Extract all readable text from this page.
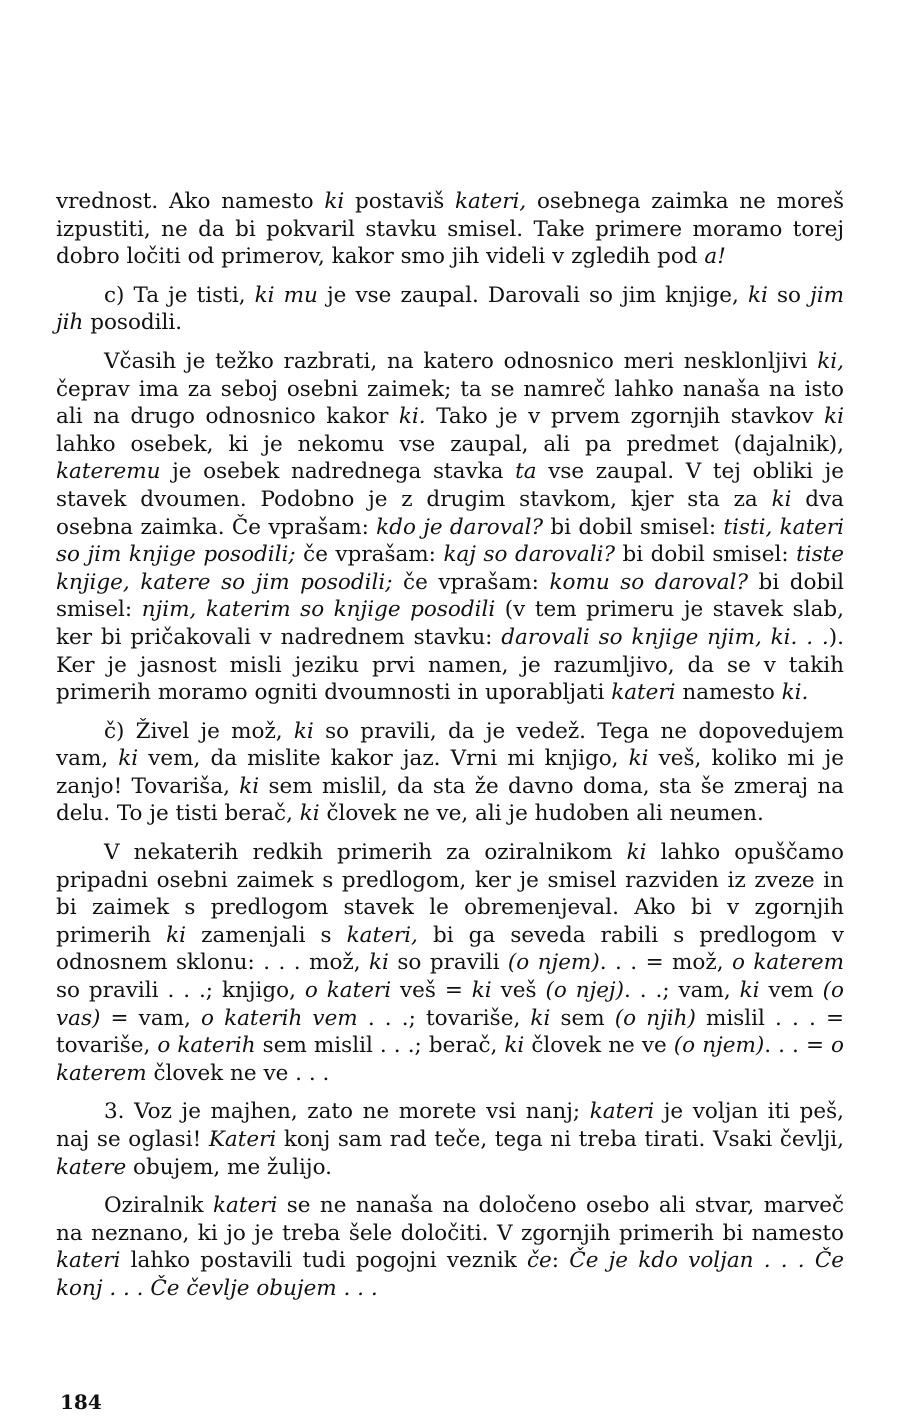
vrednost. Ako namesto ki postaviš kateri, osebnega zaimka ne moreš izpustiti, ne da bi pokvaril stavku smisel. Take primere moramo torej dobro ločiti od primerov, kakor smo jih videli v zgledih pod a!

c) Ta je tisti, ki mu je vse zaupal. Darovali so jim knjige, ki so jim jih posodili.

Včasih je težko razbrati, na katero odnosnico meri nesklonljivi ki, čeprav ima za seboj osebni zaimek; ta se namreč lahko nanaša na isto ali na drugo odnosnico kakor ki. Tako je v prvem zgornjih stavkov ki lahko osebek, ki je nekomu vse zaupal, ali pa predmet (dajalnik), kateremu je osebek nadrednega stavka ta vse zaupal. V tej obliki je stavek dvoumen. Podobno je z drugim stavkom, kjer sta za ki dva osebna zaimka. Če vprašam: kdo je daroval? bi dobil smisel: tisti, kateri so jim knjige posodili; če vprašam: kaj so darovali? bi dobil smisel: tiste knjige, katere so jim posodili; če vprašam: komu so daroval? bi dobil smisel: njim, katerim so knjige posodili (v tem primeru je stavek slab, ker bi pričakovali v nadrednem stavku: darovali so knjige njim, ki. . .). Ker je jasnost misli jeziku prvi namen, je razumljivo, da se v takih primerih moramo ogniti dvoumnosti in uporabljati kateri namesto ki.

č) Živel je mož, ki so pravili, da je vedež. Tega ne dopovedujem vam, ki vem, da mislite kakor jaz. Vrni mi knjigo, ki veš, koliko mi je zanjo! Tovariša, ki sem mislil, da sta že davno doma, sta še zmeraj na delu. To je tisti berač, ki človek ne ve, ali je hudoben ali neumen.

V nekaterih redkih primerih za oziralnikom ki lahko opuščamo pripadni osebni zaimek s predlogom, ker je smisel razviden iz zveze in bi zaimek s predlogom stavek le obremenjeval. Ako bi v zgornjih primerih ki zamenjali s kateri, bi ga seveda rabili s predlogom v odnosnem sklonu: . . . mož, ki so pravili (o njem). . . = mož, o katerem so pravili . . .; knjigo, o kateri veš = ki veš (o njej). . .; vam, ki vem (o vas) = vam, o katerih vem . . .; tovariše, ki sem (o njih) mislil . . . = tovariše, o katerih sem mislil . . .; berač, ki človek ne ve (o njem). . . = o katerem človek ne ve . . .

3. Voz je majhen, zato ne morete vsi nanj; kateri je voljan iti peš, naj se oglasi! Kateri konj sam rad teče, tega ni treba tirati. Vsaki čevlji, katere obujem, me žulijo.

Oziralnik kateri se ne nanaša na določeno osebo ali stvar, marveč na neznano, ki jo je treba šele določiti. V zgornjih primerih bi namesto kateri lahko postavili tudi pogojni veznik če: Če je kdo voljan . . . Če konj . . . Če čevlje obujem . . .

184
